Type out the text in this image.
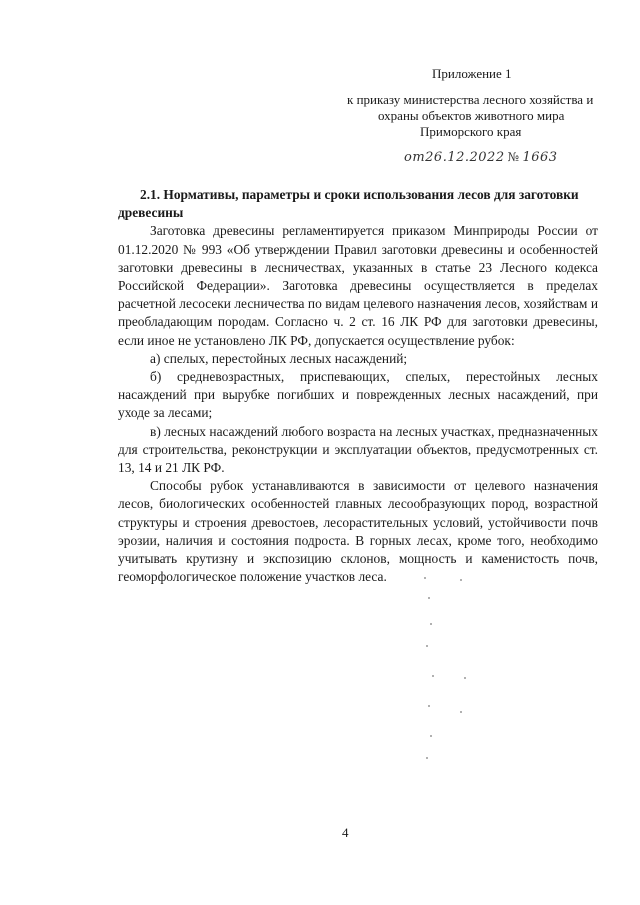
Приложение 1
к приказу министерства лесного хозяйства и
охраны объектов животного мира
Приморского края
от26.12.2022 № 1663

2.1. Нормативы, параметры и сроки использования лесов для заготовки древесины

Заготовка древесины регламентируется приказом Минприроды России от 01.12.2020 № 993 «Об утверждении Правил заготовки древесины и особенностей заготовки древесины в лесничествах, указанных в статье 23 Лесного кодекса Российской Федерации». Заготовка древесины осуществляется в пределах расчетной лесосеки лесничества по видам целевого назначения лесов, хозяйствам и преобладающим породам. Согласно ч. 2 ст. 16 ЛК РФ для заготовки древесины, если иное не установлено ЛК РФ, допускается осуществление рубок:

а) спелых, перестойных лесных насаждений;

б) средневозрастных, приспевающих, спелых, перестойных лесных насаждений при вырубке погибших и поврежденных лесных насаждений, при уходе за лесами;

в) лесных насаждений любого возраста на лесных участках, предназначенных для строительства, реконструкции и эксплуатации объектов, предусмотренных ст. 13, 14 и 21 ЛК РФ.

Способы рубок устанавливаются в зависимости от целевого назначения лесов, биологических особенностей главных лесообразующих пород, возрастной структуры и строения древостоев, лесорастительных условий, устойчивости почв эрозии, наличия и состояния подроста. В горных лесах, кроме того, необходимо учитывать крутизну и экспозицию склонов, мощность и каменистость почв, геоморфологическое положение участков леса.

4
